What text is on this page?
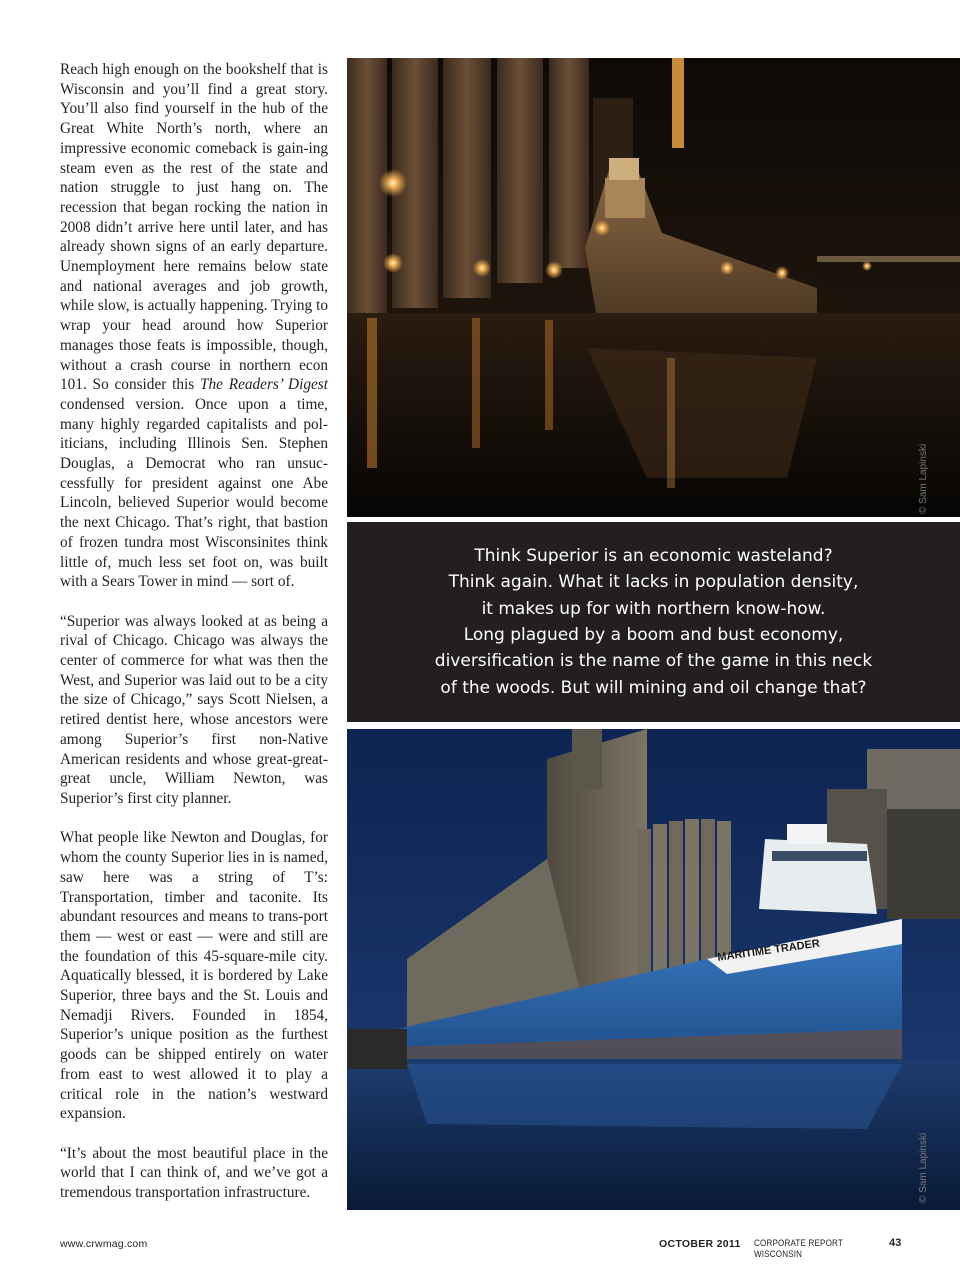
Reach high enough on the bookshelf that is Wisconsin and you’ll find a great story. You’ll also find yourself in the hub of the Great White North’s north, where an impressive economic comeback is gain-ing steam even as the rest of the state and nation struggle to just hang on. The recession that began rocking the nation in 2008 didn’t arrive here until later, and has already shown signs of an early departure. Unemployment here remains below state and national averages and job growth, while slow, is actually happening. Trying to wrap your head around how Superior manages those feats is impossible, though, without a crash course in northern econ 101. So consider this The Readers’ Digest condensed version. Once upon a time, many highly regarded capitalists and pol-iticians, including Illinois Sen. Stephen Douglas, a Democrat who ran unsuc-cessfully for president against one Abe Lincoln, believed Superior would become the next Chicago. That’s right, that bastion of frozen tundra most Wisconsinites think little of, much less set foot on, was built with a Sears Tower in mind — sort of.

“Superior was always looked at as being a rival of Chicago. Chicago was always the center of commerce for what was then the West, and Superior was laid out to be a city the size of Chicago,” says Scott Nielsen, a retired dentist here, whose ancestors were among Superior’s first non-Native American residents and whose great-great-great uncle, William Newton, was Superior’s first city planner.

What people like Newton and Douglas, for whom the county Superior lies in is named, saw here was a string of T’s: Transportation, timber and taconite. Its abundant resources and means to trans-port them — west or east — were and still are the foundation of this 45-square-mile city. Aquatically blessed, it is bordered by Lake Superior, three bays and the St. Louis and Nemadji Rivers. Founded in 1854, Superior’s unique position as the furthest goods can be shipped entirely on water from east to west allowed it to play a critical role in the nation’s westward expansion.

“It’s about the most beautiful place in the world that I can think of, and we’ve got a tremendous transportation infrastructure.

© Sam Lapinski
Think Superior is an economic wasteland?
Think again. What it lacks in population density,
it makes up for with northern know-how.
Long plagued by a boom and bust economy,
diversification is the name of the game in this neck
of the woods. But will mining and oil change that?
MARITIME TRADER
© Sam Lapinski
www.crwmag.com	OCTOBER 2011 CORPORATE REPORT WISCONSIN
43
